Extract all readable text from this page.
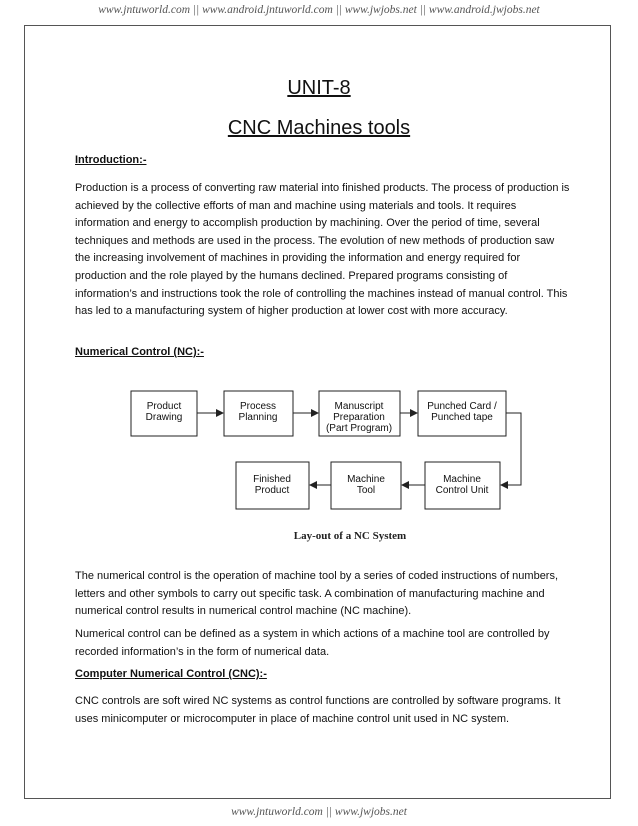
www.jntuworld.com || www.android.jntuworld.com || www.jwjobs.net || www.android.jwjobs.net
UNIT-8
CNC Machines tools
Introduction:-

Production is a process of converting raw material into finished products. The process of production is achieved by the collective efforts of man and machine using materials and tools. It requires information and energy to accomplish production by machining. Over the period of time, several techniques and methods are used in the process. The evolution of new methods of production saw the increasing involvement of machines in providing the information and energy required for production and the role played by the humans declined. Prepared programs consisting of information’s and instructions took the role of controlling the machines instead of manual control. This has led to a manufacturing system of higher production at lower cost with more accuracy.

Numerical Control (NC):-
Product
Drawing
Process
Planning
Manuscript
Preparation
(Part Program)
Punched Card /
Punched tape
Machine
Control Unit
Machine
Tool
Finished
Product
Lay-out of a NC System

The numerical control is the operation of machine tool by a series of coded instructions of numbers, letters and other symbols to carry out specific task. A combination of manufacturing machine and numerical control results in numerical control machine (NC machine).

Numerical control can be defined as a system in which actions of a machine tool are controlled by recorded information’s in the form of numerical data.

Computer Numerical Control (CNC):-

CNC controls are soft wired NC systems as control functions are controlled by software programs. It uses minicomputer or microcomputer in place of machine control unit used in NC system.

www.jntuworld.com || www.jwjobs.net
